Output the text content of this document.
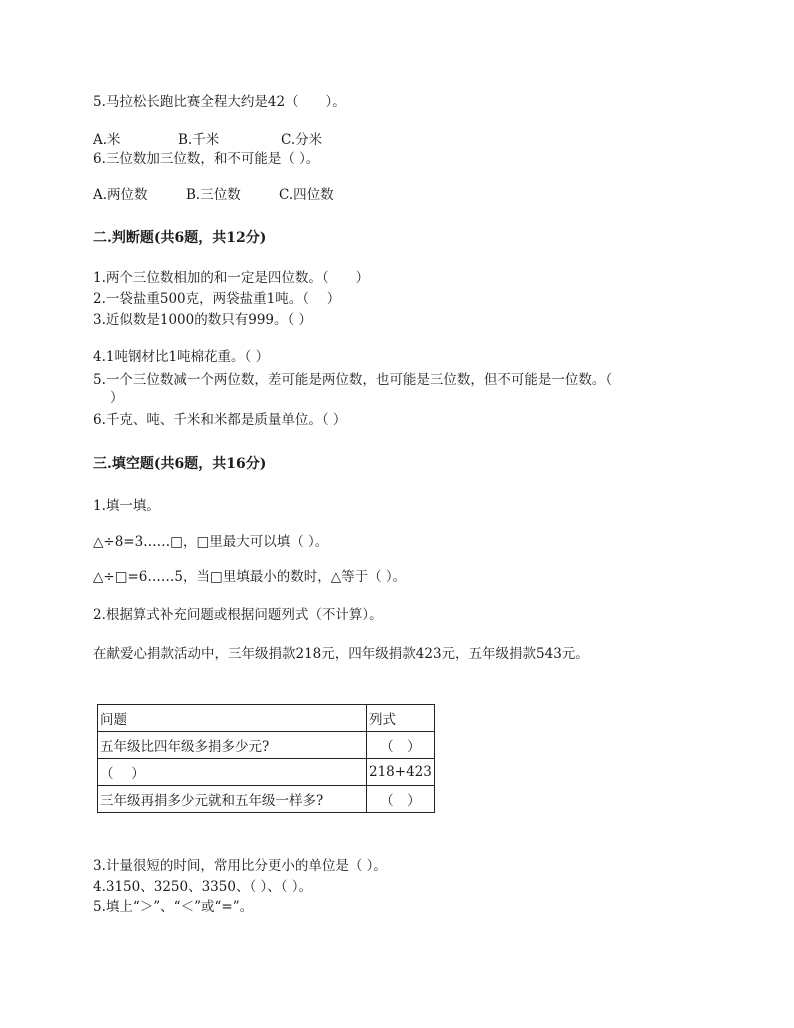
5.马拉松长跑比赛全程大约是42（　　）。
A.米	B.千米	C.分米
6.三位数加三位数，和不可能是（ ）。
A.两位数	B.三位数	C.四位数
二.判断题(共6题，共12分)
1.两个三位数相加的和一定是四位数。（　　）
2.一袋盐重500克，两袋盐重1吨。（　 ）
3.近似数是1000的数只有999。（ ）
4.1吨钢材比1吨棉花重。（ ）
5.一个三位数减一个两位数，差可能是两位数，也可能是三位数，但不可能是一位数。（
）
6.千克、吨、千米和米都是质量单位。（ ）
三.填空题(共6题，共16分)
1.填一填。
△÷8=3……□，□里最大可以填（ ）。
△÷□=6……5，当□里填最小的数时，△等于（ ）。
2.根据算式补充问题或根据问题列式（不计算）。
在献爱心捐款活动中，三年级捐款218元，四年级捐款423元，五年级捐款543元。
问题	列式
五年级比四年级多捐多少元?	（　）
（　 ）	218+423
三年级再捐多少元就和五年级一样多?	（　）
3.计量很短的时间，常用比分更小的单位是（ ）。
4.3150、3250、3350、（ ）、（ ）。
5.填上“＞”、“＜”或“=”。
